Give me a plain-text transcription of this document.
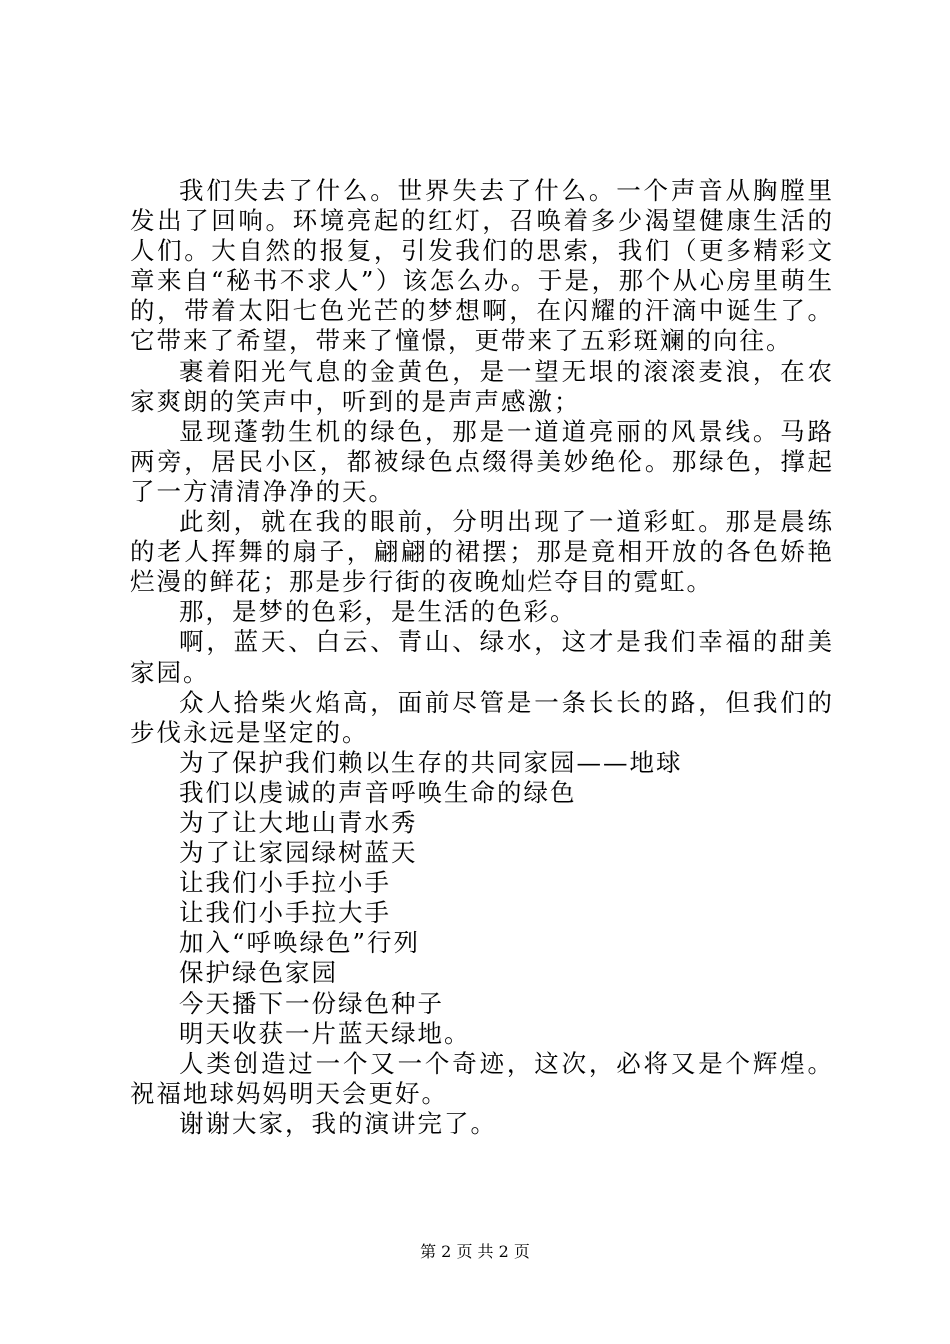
我们失去了什么。世界失去了什么。一个声音从胸膛里发出了回响。环境亮起的红灯，召唤着多少渴望健康生活的人们。大自然的报复，引发我们的思索，我们（更多精彩文章来自“秘书不求人”）该怎么办。于是，那个从心房里萌生的，带着太阳七色光芒的梦想啊，在闪耀的汗滴中诞生了。它带来了希望，带来了憧憬，更带来了五彩斑斓的向往。

裹着阳光气息的金黄色，是一望无垠的滚滚麦浪，在农家爽朗的笑声中，听到的是声声感激；

显现蓬勃生机的绿色，那是一道道亮丽的风景线。马路两旁，居民小区，都被绿色点缀得美妙绝伦。那绿色，撑起了一方清清净净的天。

此刻，就在我的眼前，分明出现了一道彩虹。那是晨练的老人挥舞的扇子，翩翩的裙摆；那是竟相开放的各色娇艳烂漫的鲜花；那是步行街的夜晚灿烂夺目的霓虹。

那，是梦的色彩，是生活的色彩。

啊，蓝天、白云、青山、绿水，这才是我们幸福的甜美家园。

众人拾柴火焰高，面前尽管是一条长长的路，但我们的步伐永远是坚定的。

为了保护我们赖以生存的共同家园——地球

我们以虔诚的声音呼唤生命的绿色

为了让大地山青水秀

为了让家园绿树蓝天

让我们小手拉小手

让我们小手拉大手

加入“呼唤绿色”行列

保护绿色家园

今天播下一份绿色种子

明天收获一片蓝天绿地。

人类创造过一个又一个奇迹，这次，必将又是个辉煌。祝福地球妈妈明天会更好。

谢谢大家，我的演讲完了。

第 2 页 共 2 页
